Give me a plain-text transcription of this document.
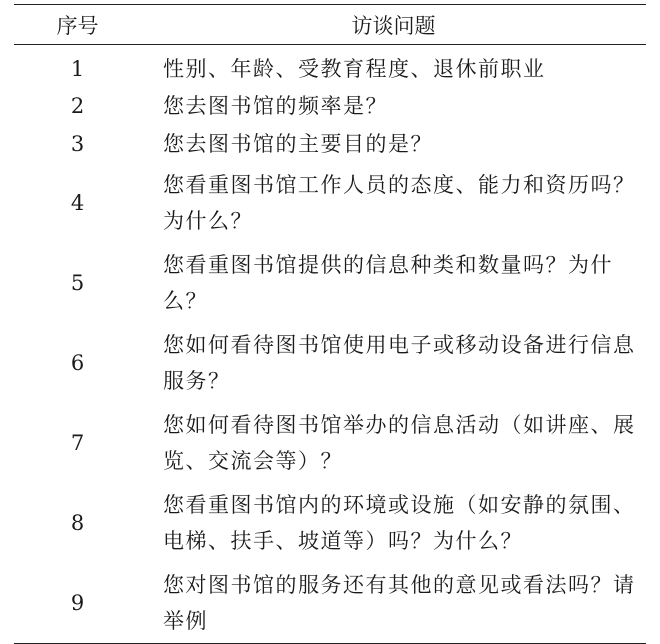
序号	访谈问题
1	性别、年龄、受教育程度、退休前职业
2	您去图书馆的频率是？
3	您去图书馆的主要目的是？
4	您看重图书馆工作人员的态度、能力和资历吗？为什么？
5	您看重图书馆提供的信息种类和数量吗？为什么？
6	您如何看待图书馆使用电子或移动设备进行信息服务？
7	您如何看待图书馆举办的信息活动（如讲座、展览、交流会等）？
8	您看重图书馆内的环境或设施（如安静的氛围、电梯、扶手、坡道等）吗？为什么？
9	您对图书馆的服务还有其他的意见或看法吗？请举例
